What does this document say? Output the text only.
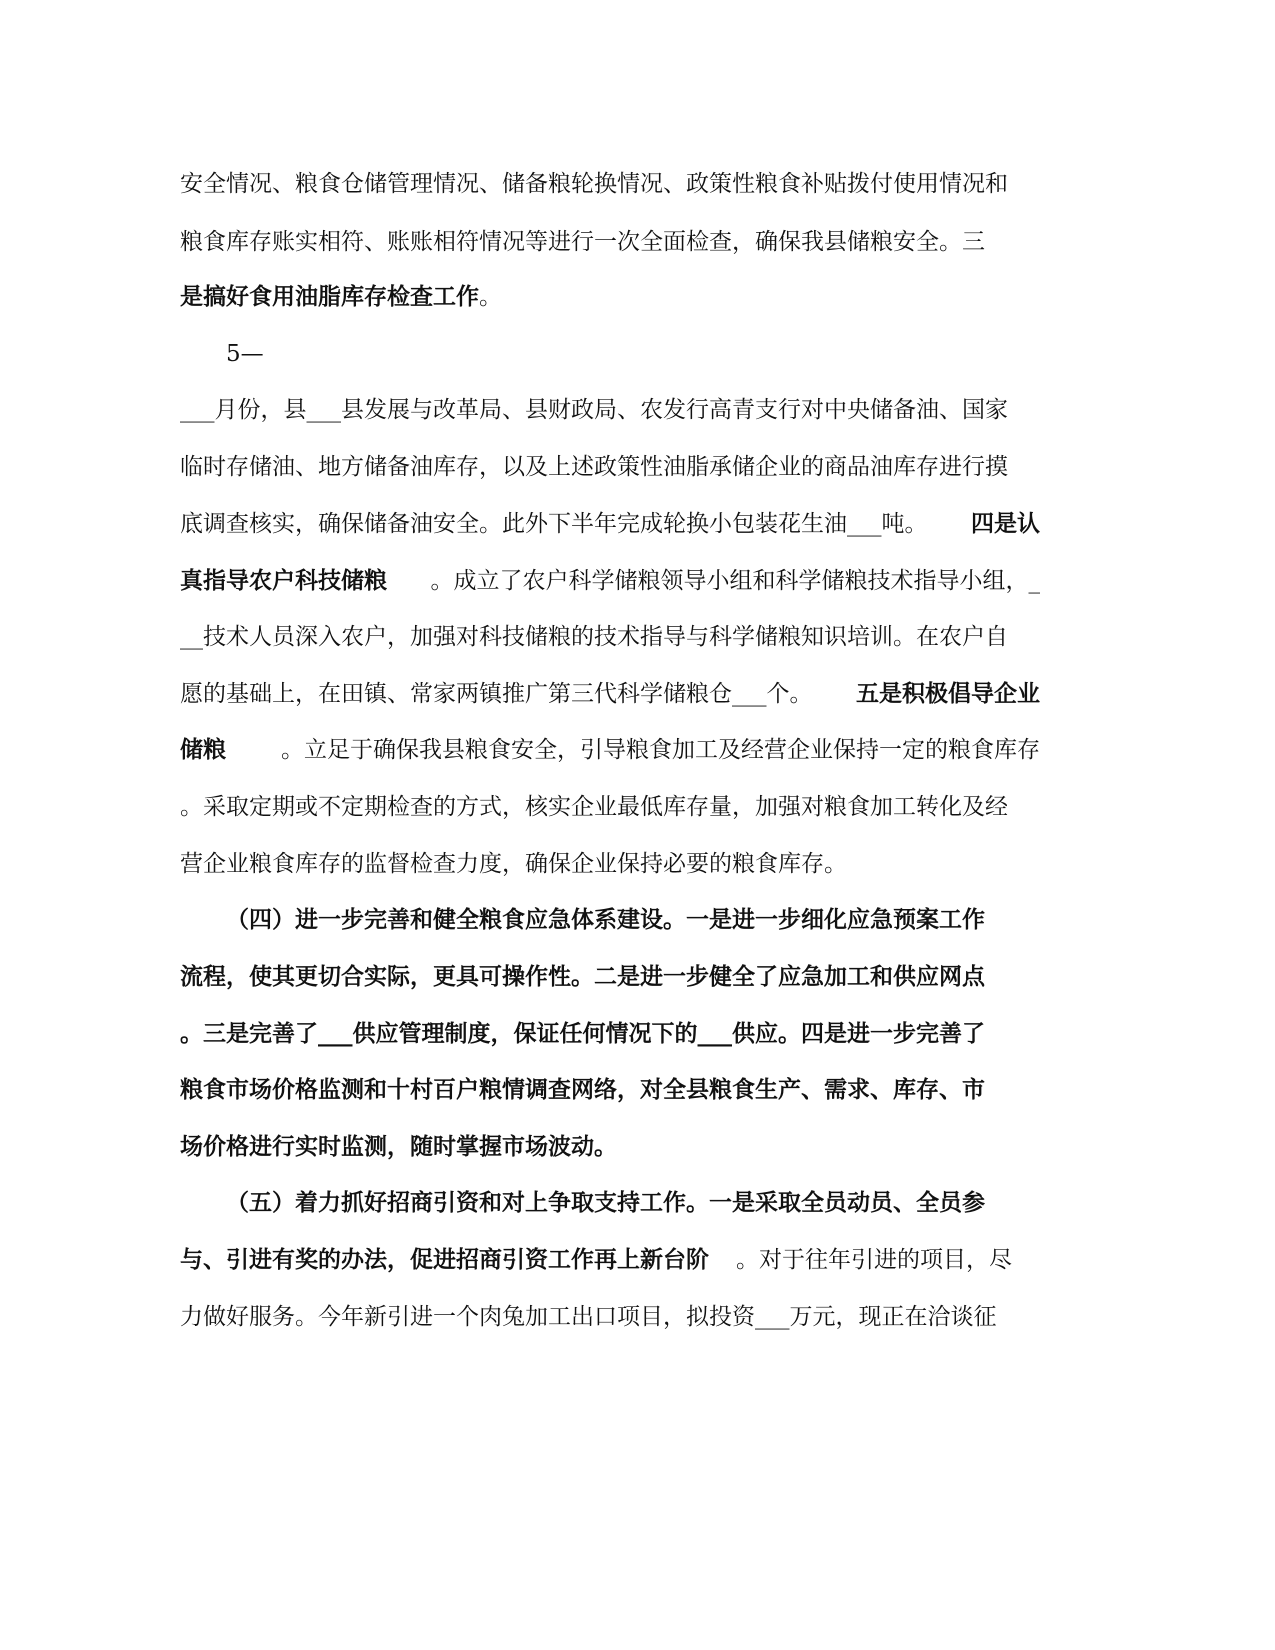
安全情况、粮食仓储管理情况、储备粮轮换情况、政策性粮食补贴拨付使用情况和
粮食库存账实相符、账账相符情况等进行一次全面检查，确保我县储粮安全。三
是搞好食用油脂库存检查工作。
5—
___月份，县___县发展与改革局、县财政局、农发行高青支行对中央储备油、国家
临时存储油、地方储备油库存，以及上述政策性油脂承储企业的商品油库存进行摸
底调查核实，确保储备油安全。此外下半年完成轮换小包装花生油___吨。 四是认
真指导农户科技储粮 。成立了农户科学储粮领导小组和科学储粮技术指导小组，_
__技术人员深入农户，加强对科技储粮的技术指导与科学储粮知识培训。在农户自
愿的基础上，在田镇、常家两镇推广第三代科学储粮仓___个。 五是积极倡导企业
储粮 。立足于确保我县粮食安全，引导粮食加工及经营企业保持一定的粮食库存
。采取定期或不定期检查的方式，核实企业最低库存量，加强对粮食加工转化及经
营企业粮食库存的监督检查力度，确保企业保持必要的粮食库存。
（四）进一步完善和健全粮食应急体系建设。一是进一步细化应急预案工作
流程，使其更切合实际，更具可操作性。二是进一步健全了应急加工和供应网点
。三是完善了___供应管理制度，保证任何情况下的___供应。四是进一步完善了
粮食市场价格监测和十村百户粮情调查网络，对全县粮食生产、需求、库存、市
场价格进行实时监测，随时掌握市场波动。
（五）着力抓好招商引资和对上争取支持工作。一是采取全员动员、全员参
与、引进有奖的办法，促进招商引资工作再上新台阶 。对于往年引进的项目，尽
力做好服务。今年新引进一个肉兔加工出口项目，拟投资___万元，现正在洽谈征
